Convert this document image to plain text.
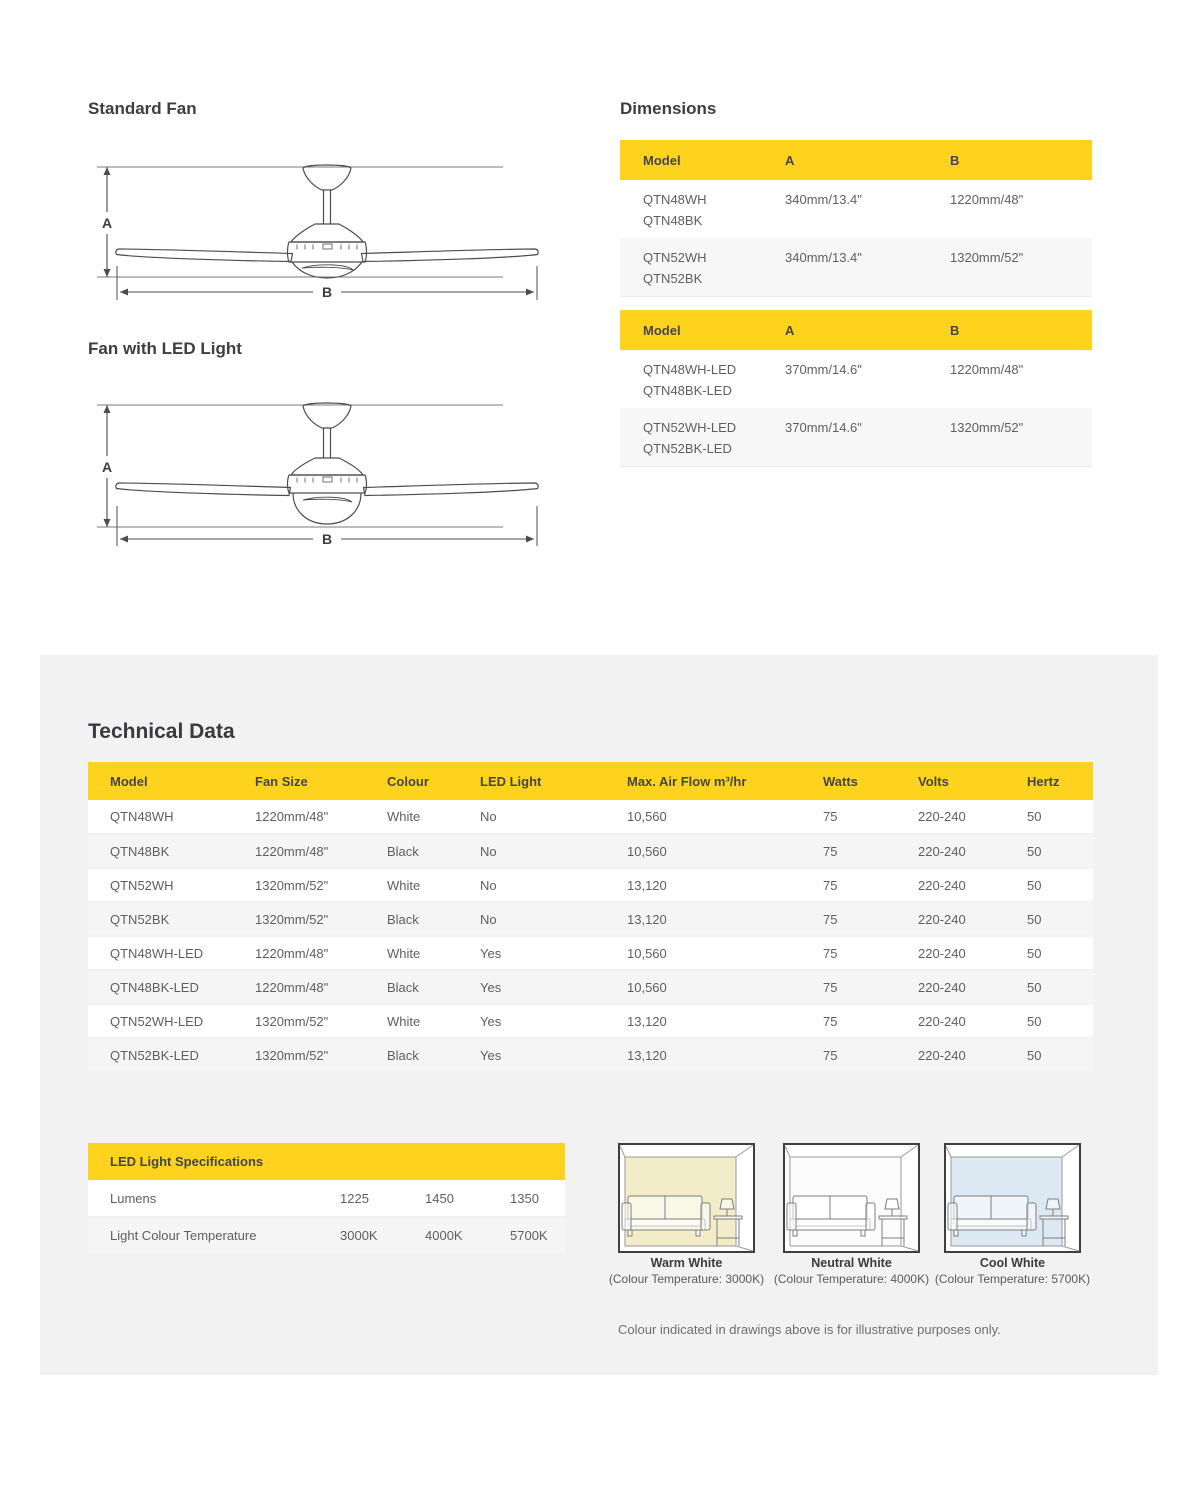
Standard Fan
Fan with LED Light
A
B
A
B
Dimensions
Model	A	B

QTN48WH
QTN48BK	340mm/13.4"	1220mm/48"

QTN52WH
QTN52BK	340mm/13.4"	1320mm/52"
Model	A	B

QTN48WH-LED
QTN48BK-LED	370mm/14.6"	1220mm/48"

QTN52WH-LED
QTN52BK-LED	370mm/14.6"	1320mm/52"
Technical Data
Model	Fan Size	Colour	LED Light	Max. Air Flow m³/hr	Watts	Volts	Hertz
QTN48WH	1220mm/48"	White	No	10,560	75	220-240	50
QTN48BK	1220mm/48"	Black	No	10,560	75	220-240	50
QTN52WH	1320mm/52"	White	No	13,120	75	220-240	50
QTN52BK	1320mm/52"	Black	No	13,120	75	220-240	50
QTN48WH-LED	1220mm/48"	White	Yes	10,560	75	220-240	50
QTN48BK-LED	1220mm/48"	Black	Yes	10,560	75	220-240	50
QTN52WH-LED	1320mm/52"	White	Yes	13,120	75	220-240	50
QTN52BK-LED	1320mm/52"	Black	Yes	13,120	75	220-240	50
LED Light Specifications			
Lumens	1225	1450	1350
Light Colour Temperature	3000K	4000K	5700K
Warm White
(Colour Temperature: 3000K)
Neutral White
(Colour Temperature: 4000K)
Cool White
(Colour Temperature: 5700K)
Colour indicated in drawings above is for illustrative purposes only.
